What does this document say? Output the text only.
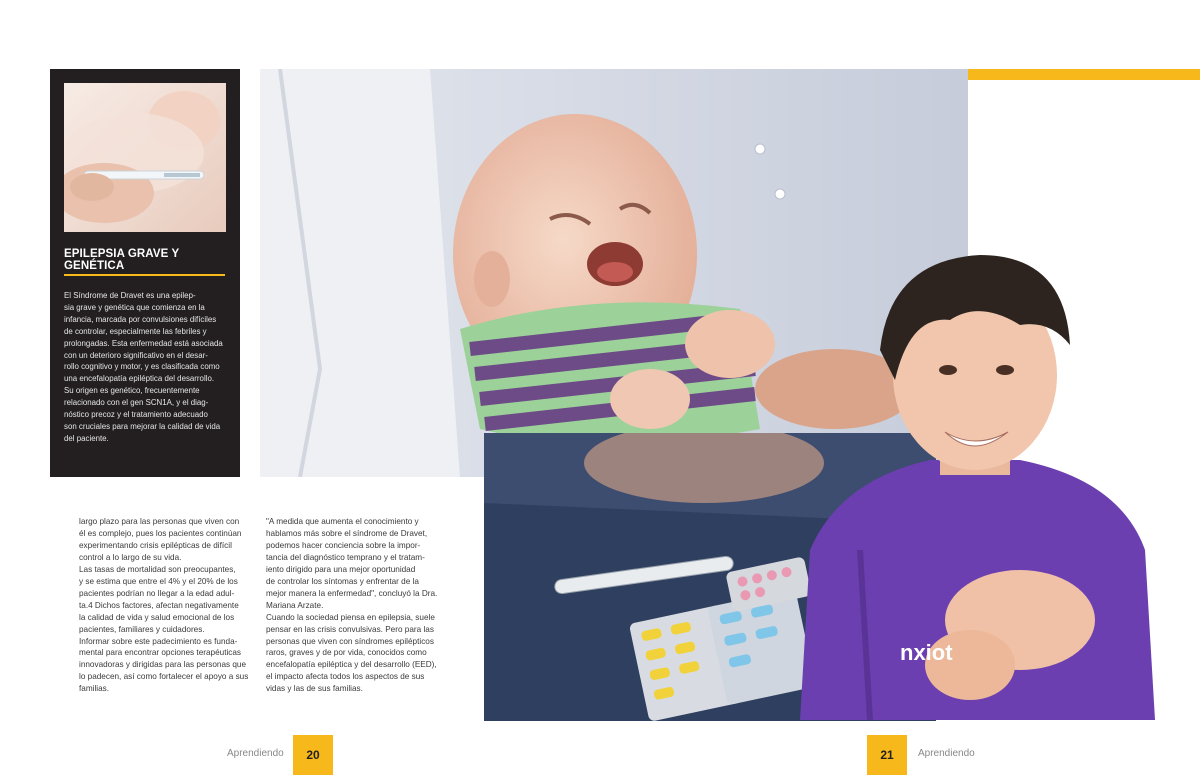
EPILEPSIA GRAVE Y GENÉTICA
El Síndrome de Dravet es una epilep-
sia grave y genética que comienza en la
infancia, marcada por convulsiones difíciles
de controlar, especialmente las febriles y
prolongadas. Esta enfermedad está asociada
con un deterioro significativo en el desar-
rollo cognitivo y motor, y es clasificada como
una encefalopatía epiléptica del desarrollo.
Su origen es genético, frecuentemente
relacionado con el gen SCN1A, y el diag-
nóstico precoz y el tratamiento adecuado
son cruciales para mejorar la calidad de vida
del paciente.
nxiot
largo plazo para las personas que viven con
él es complejo, pues los pacientes continúan
experimentando crisis epilépticas de difícil
control a lo largo de su vida.
Las tasas de mortalidad son preocupantes,
y se estima que entre el 4% y el 20% de los
pacientes podrían no llegar a la edad adul-
ta.4 Dichos factores, afectan negativamente
la calidad de vida y salud emocional de los
pacientes, familiares y cuidadores.
Informar sobre este padecimiento es funda-
mental para encontrar opciones terapéuticas
innovadoras y dirigidas para las personas que
lo padecen, así como fortalecer el apoyo a sus
familias.
"A medida que aumenta el conocimiento y
hablamos más sobre el síndrome de Dravet,
podemos hacer conciencia sobre la impor-
tancia del diagnóstico temprano y el tratam-
iento dirigido para una mejor oportunidad
de controlar los síntomas y enfrentar de la
mejor manera la enfermedad", concluyó la Dra.
Mariana Arzate.
Cuando la sociedad piensa en epilepsia, suele
pensar en las crisis convulsivas. Pero para las
personas que viven con síndromes epilépticos
raros, graves y de por vida, conocidos como
encefalopatía epiléptica y del desarrollo (EED),
el impacto afecta todos los aspectos de sus
vidas y las de sus familias.
Aprendiendo	20	21	Aprendiendo
